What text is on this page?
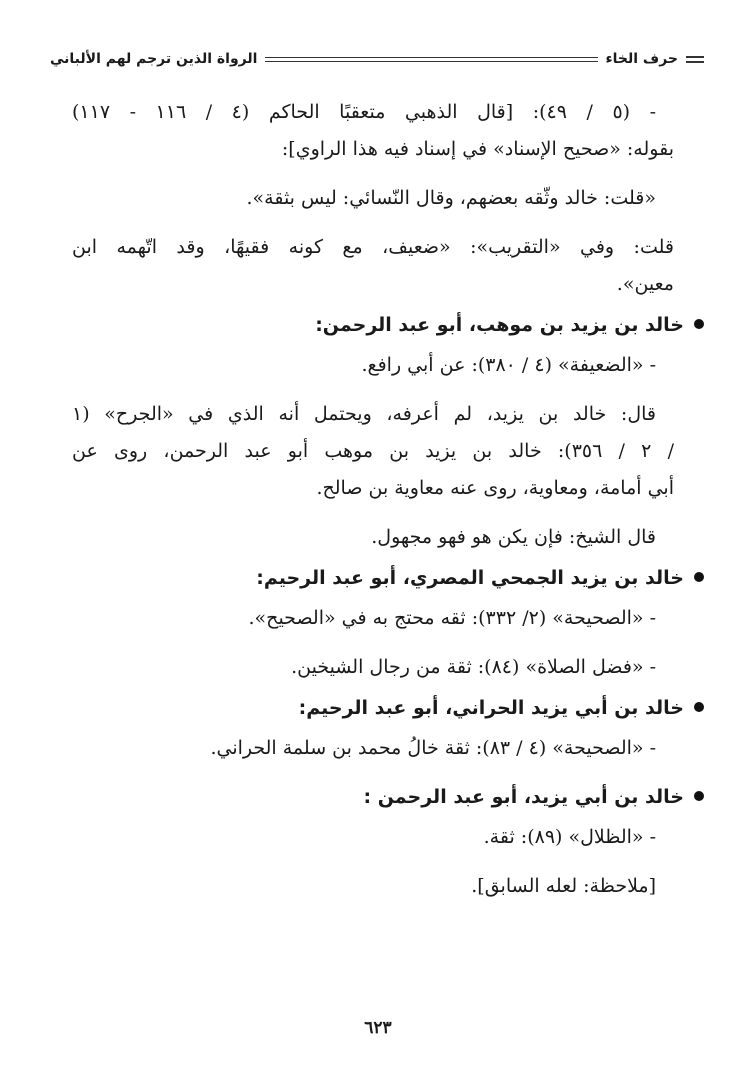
حرف الخاء
الرواة الذين ترجم لهم الألباني
- (٥ / ٤٩): [قال الذهبي متعقبًا الحاكم (٤ / ١١٦ - ١١٧)
بقوله: «صحيح الإسناد» في إسناد فيه هذا الراوي]:
«قلت: خالد وثّقه بعضهم، وقال النّسائي: ليس بثقة».
قلت: وفي «التقريب»: «ضعيف، مع كونه فقيهًا، وقد اتّهمه ابن
معين».
خالد بن يزيد بن موهب، أبو عبد الرحمن:
- «الضعيفة» (٤ / ٣٨٠): عن أبي رافع.
قال: خالد بن يزيد، لم أعرفه، ويحتمل أنه الذي في «الجرح» (١
/ ٢ / ٣٥٦): خالد بن يزيد بن موهب أبو عبد الرحمن، روى عن
أبي أمامة، ومعاوية، روى عنه معاوية بن صالح.
قال الشيخ: فإن يكن هو فهو مجهول.
خالد بن يزيد الجمحي المصري، أبو عبد الرحيم:
- «الصحيحة» (٢/ ٣٣٢): ثقه محتج به في «الصحيح».
- «فضل الصلاة» (٨٤): ثقة من رجال الشيخين.
خالد بن أبي يزيد الحراني، أبو عبد الرحيم:
- «الصحيحة» (٤ / ٨٣): ثقة خالُ محمد بن سلمة الحراني.
خالد بن أبي يزيد، أبو عبد الرحمن :
- «الظلال» (٨٩): ثقة.
[ملاحظة: لعله السابق].
٦٢٣
